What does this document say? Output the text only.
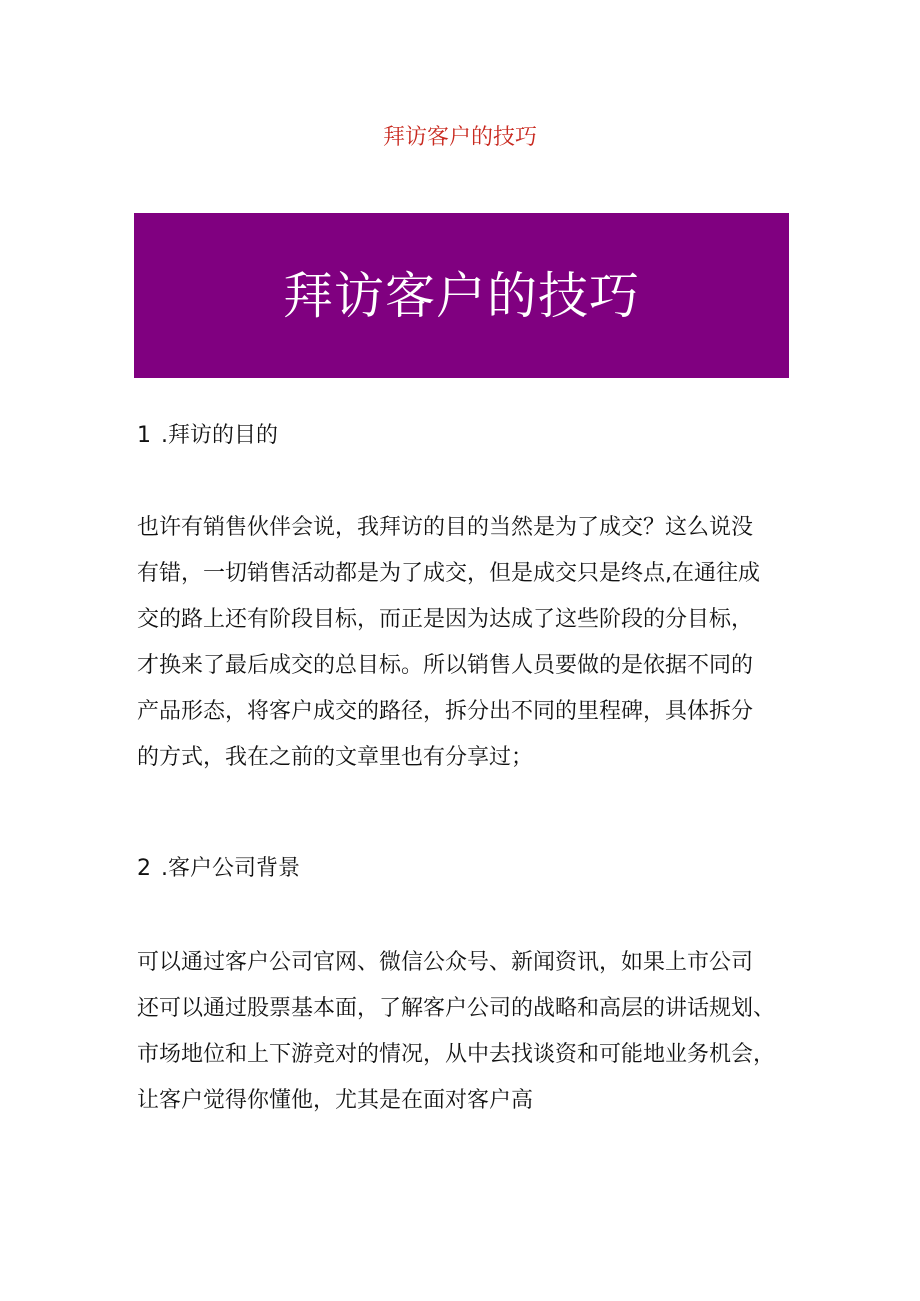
拜访客户的技巧
拜访客户的技巧
1 .拜访的目的

也许有销售伙伴会说，我拜访的目的当然是为了成交？这么说没
有错，一切销售活动都是为了成交，但是成交只是终点,在通往成
交的路上还有阶段目标，而正是因为达成了这些阶段的分目标，
才换来了最后成交的总目标。所以销售人员要做的是依据不同的
产品形态，将客户成交的路径，拆分出不同的里程碑，具体拆分
的方式，我在之前的文章里也有分享过；

2 .客户公司背景

可以通过客户公司官网、微信公众号、新闻资讯，如果上市公司
还可以通过股票基本面，了解客户公司的战略和高层的讲话规划、
市场地位和上下游竞对的情况，从中去找谈资和可能地业务机会，
让客户觉得你懂他，尤其是在面对客户高
